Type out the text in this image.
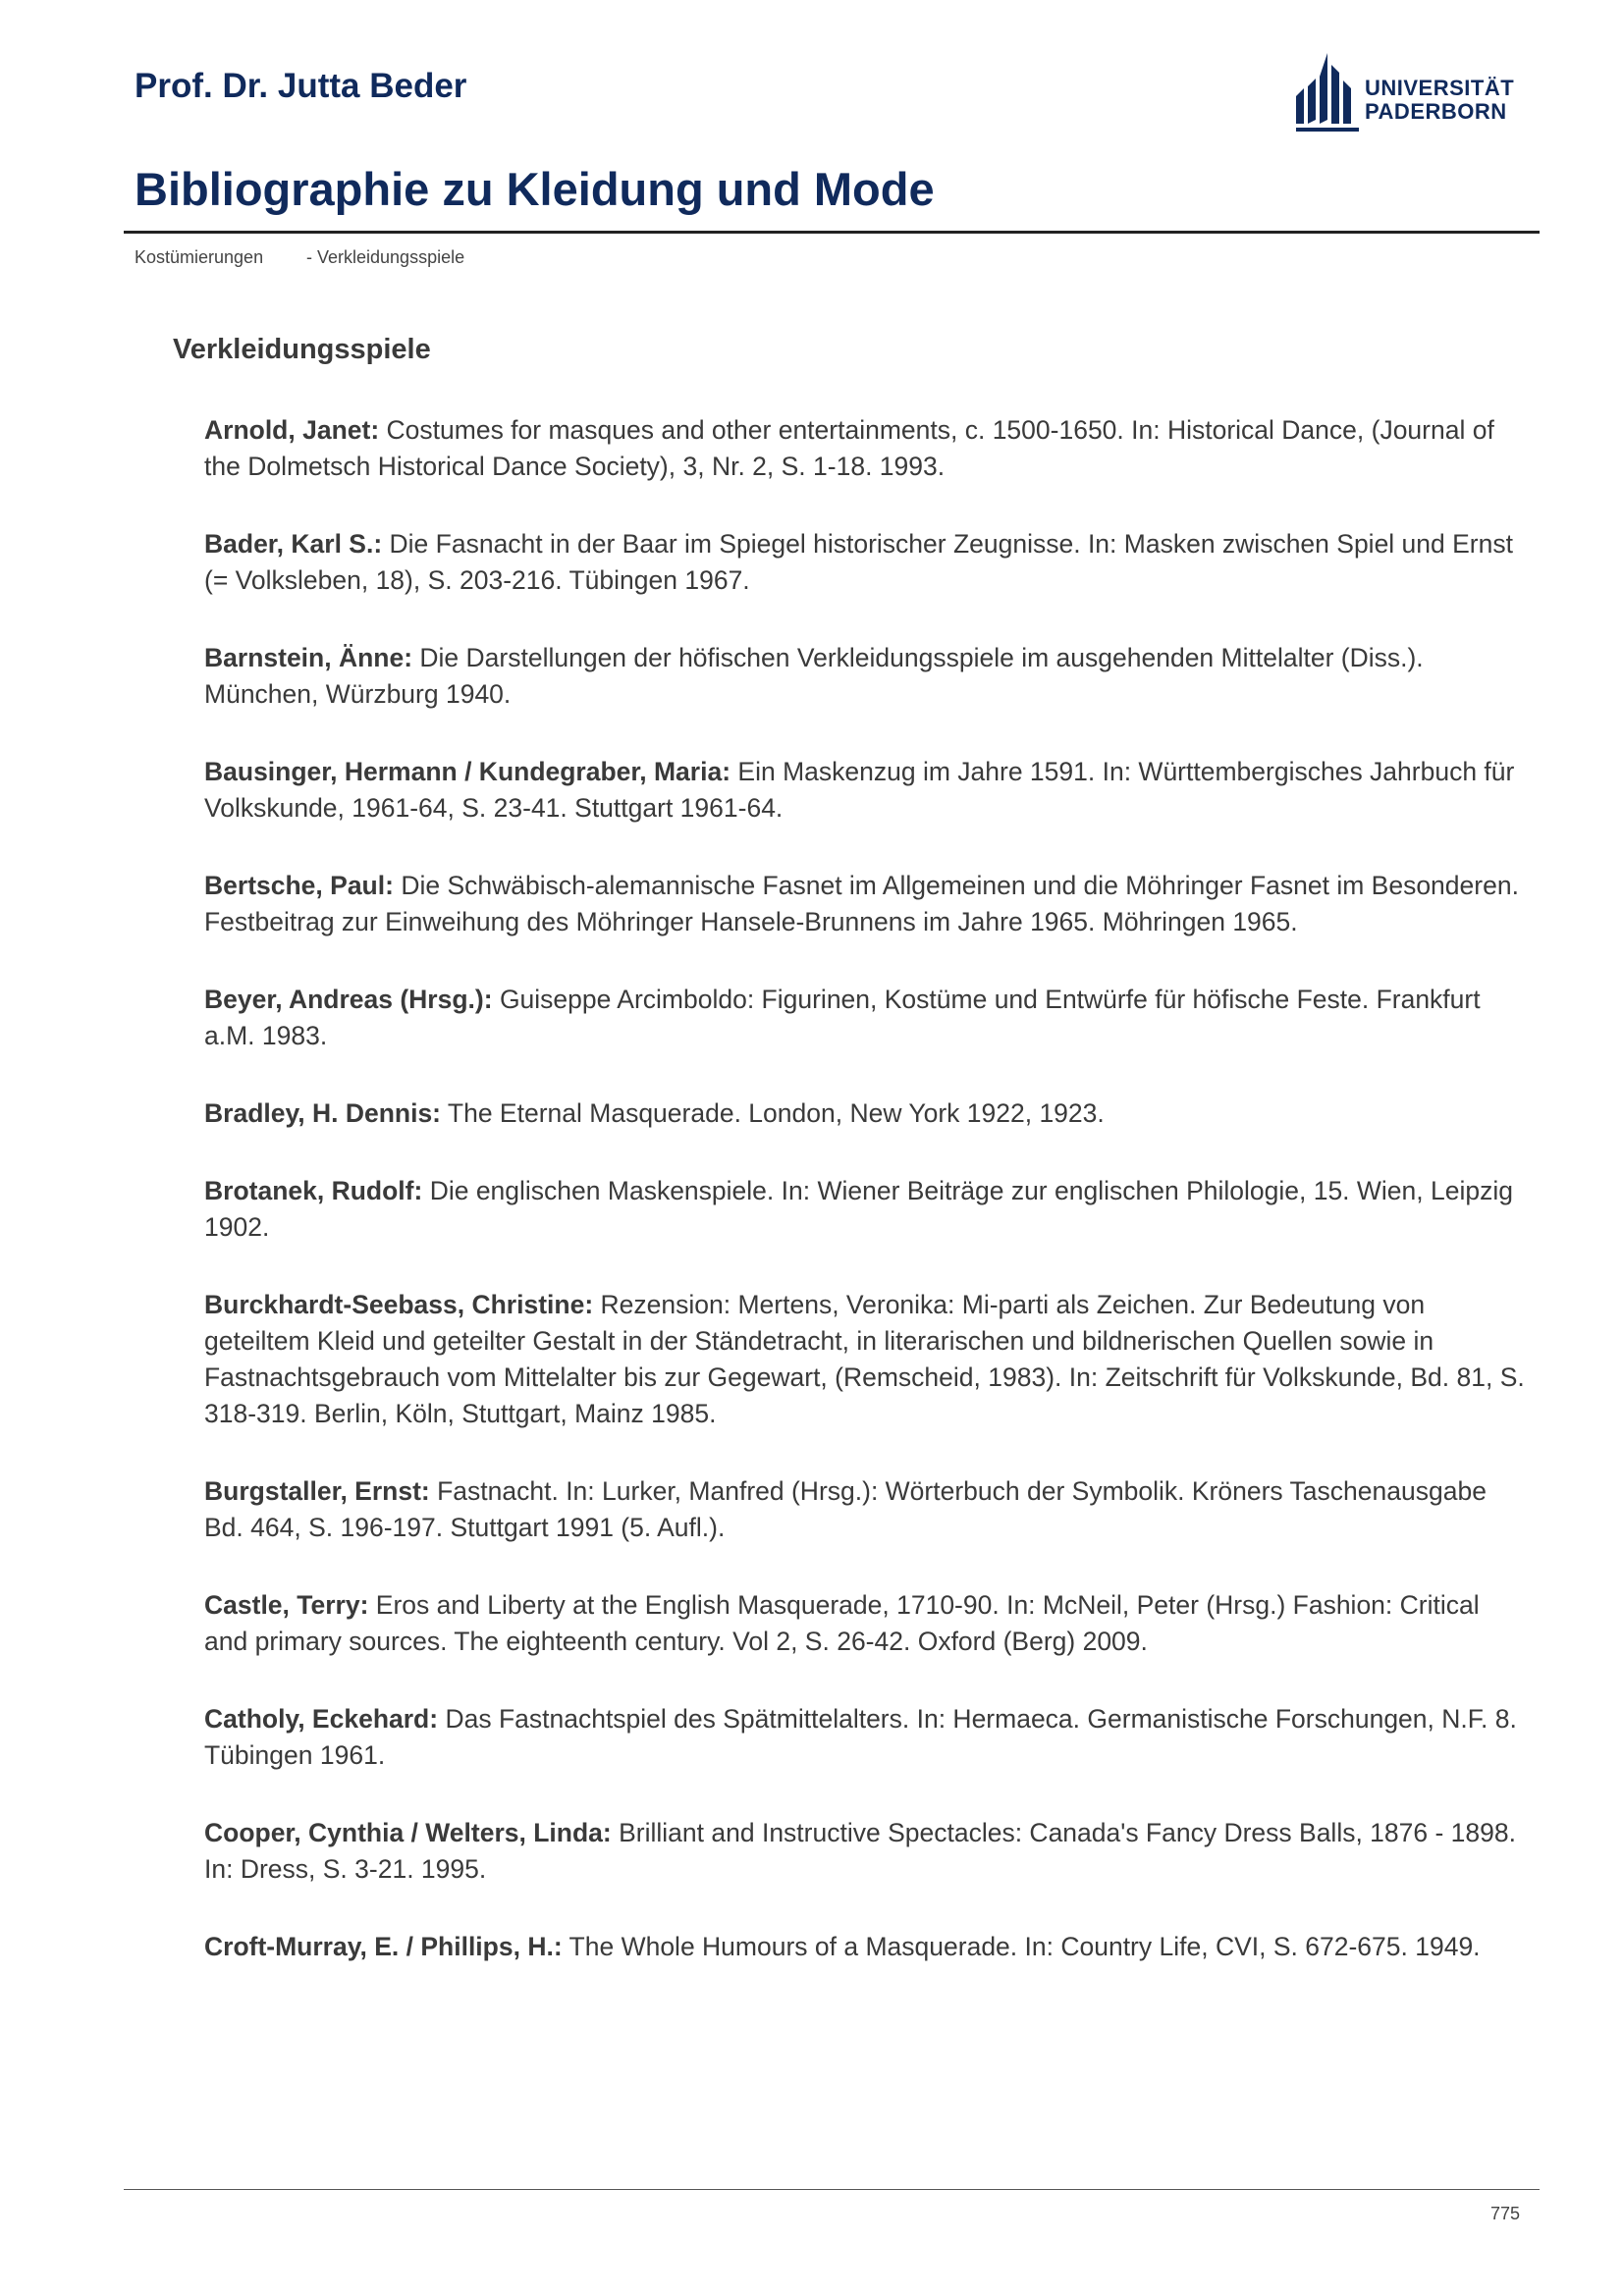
Prof. Dr. Jutta Beder	UNIVERSITÄT
PADERBORN
Bibliographie zu Kleidung und Mode
Kostümierungen - Verkleidungsspiele
Verkleidungsspiele

Arnold, Janet: Costumes for masques and other entertainments, c. 1500-1650. In: Historical Dance, (Journal of the Dolmetsch Historical Dance Society), 3, Nr. 2, S. 1-18. 1993.

Bader, Karl S.: Die Fasnacht in der Baar im Spiegel historischer Zeugnisse. In: Masken zwischen Spiel und Ernst (= Volksleben, 18), S. 203-216. Tübingen 1967.

Barnstein, Änne: Die Darstellungen der höfischen Verkleidungsspiele im ausgehenden Mittelalter (Diss.). München, Würzburg 1940.

Bausinger, Hermann / Kundegraber, Maria: Ein Maskenzug im Jahre 1591. In: Württembergisches Jahrbuch für Volkskunde, 1961-64, S. 23-41. Stuttgart 1961-64.

Bertsche, Paul: Die Schwäbisch-alemannische Fasnet im Allgemeinen und die Möhringer Fasnet im Besonderen. Festbeitrag zur Einweihung des Möhringer Hansele-Brunnens im Jahre 1965. Möhringen 1965.

Beyer, Andreas (Hrsg.): Guiseppe Arcimboldo: Figurinen, Kostüme und Entwürfe für höfische Feste. Frankfurt a.M. 1983.

Bradley, H. Dennis: The Eternal Masquerade. London, New York 1922, 1923.

Brotanek, Rudolf: Die englischen Maskenspiele. In: Wiener Beiträge zur englischen Philologie, 15. Wien, Leipzig 1902.

Burckhardt-Seebass, Christine: Rezension: Mertens, Veronika: Mi-parti als Zeichen. Zur Bedeutung von geteiltem Kleid und geteilter Gestalt in der Ständetracht, in literarischen und bildnerischen Quellen sowie in Fastnachtsgebrauch vom Mittelalter bis zur Gegewart, (Remscheid, 1983). In: Zeitschrift für Volkskunde, Bd. 81, S. 318-319. Berlin, Köln, Stuttgart, Mainz 1985.

Burgstaller, Ernst: Fastnacht. In: Lurker, Manfred (Hrsg.): Wörterbuch der Symbolik. Kröners Taschenausgabe Bd. 464, S. 196-197. Stuttgart 1991 (5. Aufl.).

Castle, Terry: Eros and Liberty at the English Masquerade, 1710-90. In: McNeil, Peter (Hrsg.) Fashion: Critical and primary sources. The eighteenth century. Vol 2, S. 26-42. Oxford (Berg) 2009.

Catholy, Eckehard: Das Fastnachtspiel des Spätmittelalters. In: Hermaeca. Germanistische Forschungen, N.F. 8. Tübingen 1961.

Cooper, Cynthia / Welters, Linda: Brilliant and Instructive Spectacles: Canada's Fancy Dress Balls, 1876 - 1898. In: Dress, S. 3-21. 1995.

Croft-Murray, E. / Phillips, H.: The Whole Humours of a Masquerade. In: Country Life, CVI, S. 672-675. 1949.

775
